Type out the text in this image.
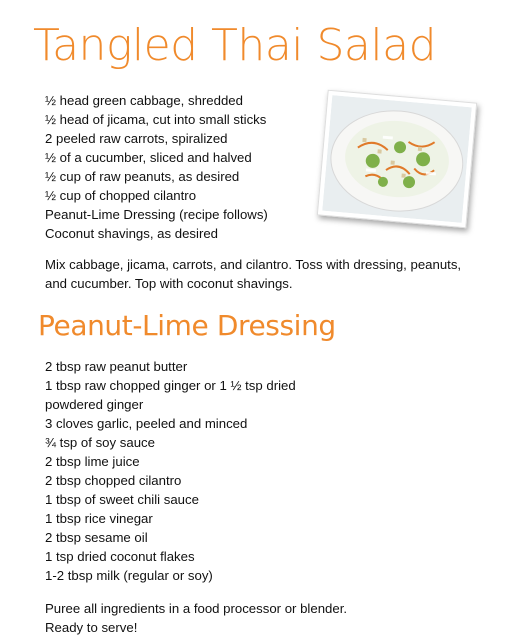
Tangled Thai Salad
½ head green cabbage, shredded
½ head of jicama, cut into small sticks
2 peeled raw carrots, spiralized
½ of a cucumber, sliced and halved
½ cup of raw peanuts, as desired
½ cup of chopped cilantro
Peanut-Lime Dressing (recipe follows)
Coconut shavings, as desired
Mix cabbage, jicama, carrots, and cilantro. Toss with dressing, peanuts,
and cucumber. Top with coconut shavings.
Peanut-Lime Dressing
2 tbsp raw peanut butter
1 tbsp raw chopped ginger or 1 ½ tsp dried
powdered ginger
3 cloves garlic, peeled and minced
¾ tsp of soy sauce
2 tbsp lime juice
2 tbsp chopped cilantro
1 tbsp of sweet chili sauce
1 tbsp rice vinegar
2 tbsp sesame oil
1 tsp dried coconut flakes
1-2 tbsp milk (regular or soy)
Puree all ingredients in a food processor or blender.
Ready to serve!
